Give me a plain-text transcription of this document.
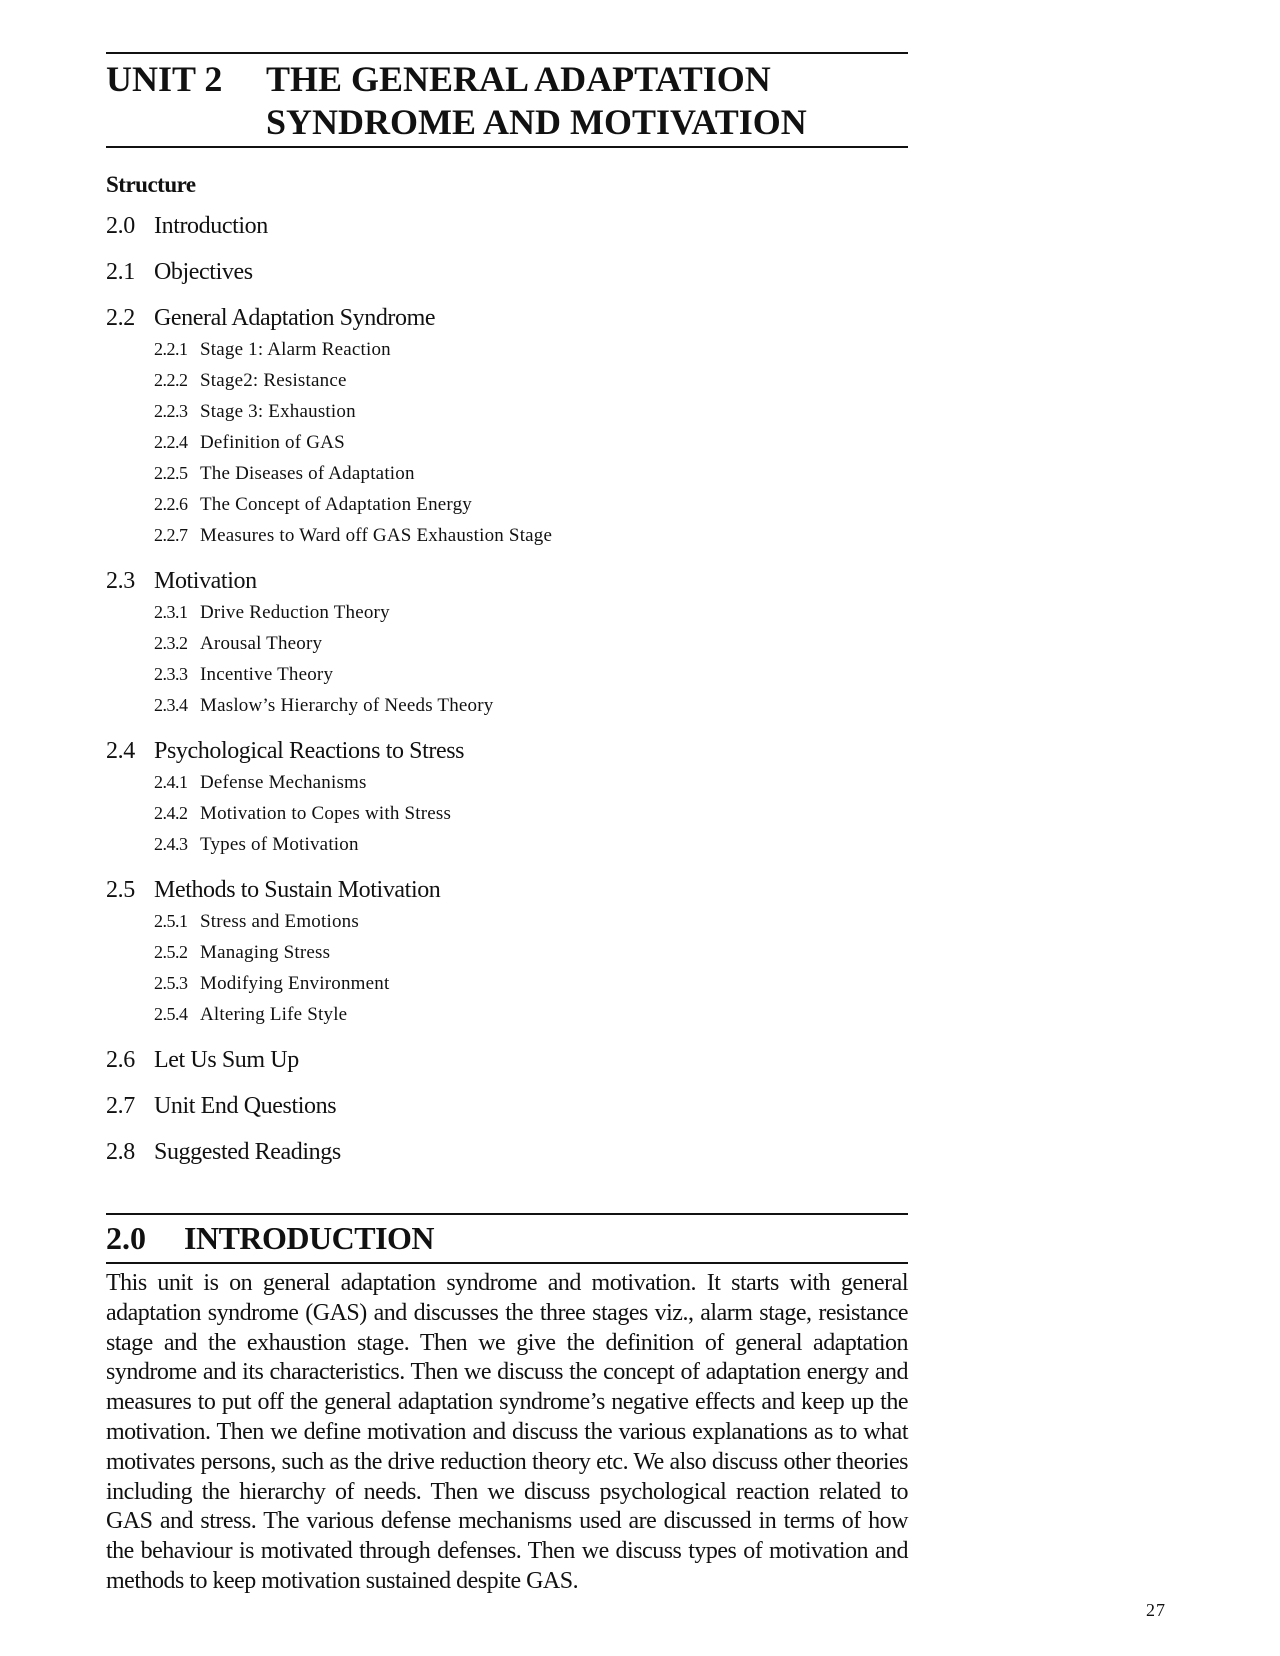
UNIT 2 THE GENERAL ADAPTATION SYNDROME AND MOTIVATION
Structure
2.0 Introduction
2.1 Objectives
2.2 General Adaptation Syndrome
2.2.1 Stage 1: Alarm Reaction
2.2.2 Stage2: Resistance
2.2.3 Stage 3: Exhaustion
2.2.4 Definition of GAS
2.2.5 The Diseases of Adaptation
2.2.6 The Concept of Adaptation Energy
2.2.7 Measures to Ward off GAS Exhaustion Stage
2.3 Motivation
2.3.1 Drive Reduction Theory
2.3.2 Arousal Theory
2.3.3 Incentive Theory
2.3.4 Maslow’s Hierarchy of Needs Theory
2.4 Psychological Reactions to Stress
2.4.1 Defense Mechanisms
2.4.2 Motivation to Copes with Stress
2.4.3 Types of Motivation
2.5 Methods to Sustain Motivation
2.5.1 Stress and Emotions
2.5.2 Managing Stress
2.5.3 Modifying Environment
2.5.4 Altering Life Style
2.6 Let Us Sum Up
2.7 Unit End Questions
2.8 Suggested Readings
2.0 INTRODUCTION

This unit is on general adaptation syndrome and motivation. It starts with general adaptation syndrome (GAS) and discusses the three stages viz., alarm stage, resistance stage and the exhaustion stage. Then we give the definition of general adaptation syndrome and its characteristics. Then we discuss the concept of adaptation energy and measures to put off the general adaptation syndrome’s negative effects and keep up the motivation. Then we define motivation and discuss the various explanations as to what motivates persons, such as the drive reduction theory etc. We also discuss other theories including the hierarchy of needs. Then we discuss psychological reaction related to GAS and stress. The various defense mechanisms used are discussed in terms of how the behaviour is motivated through defenses. Then we discuss types of motivation and methods to keep motivation sustained despite GAS.

27
